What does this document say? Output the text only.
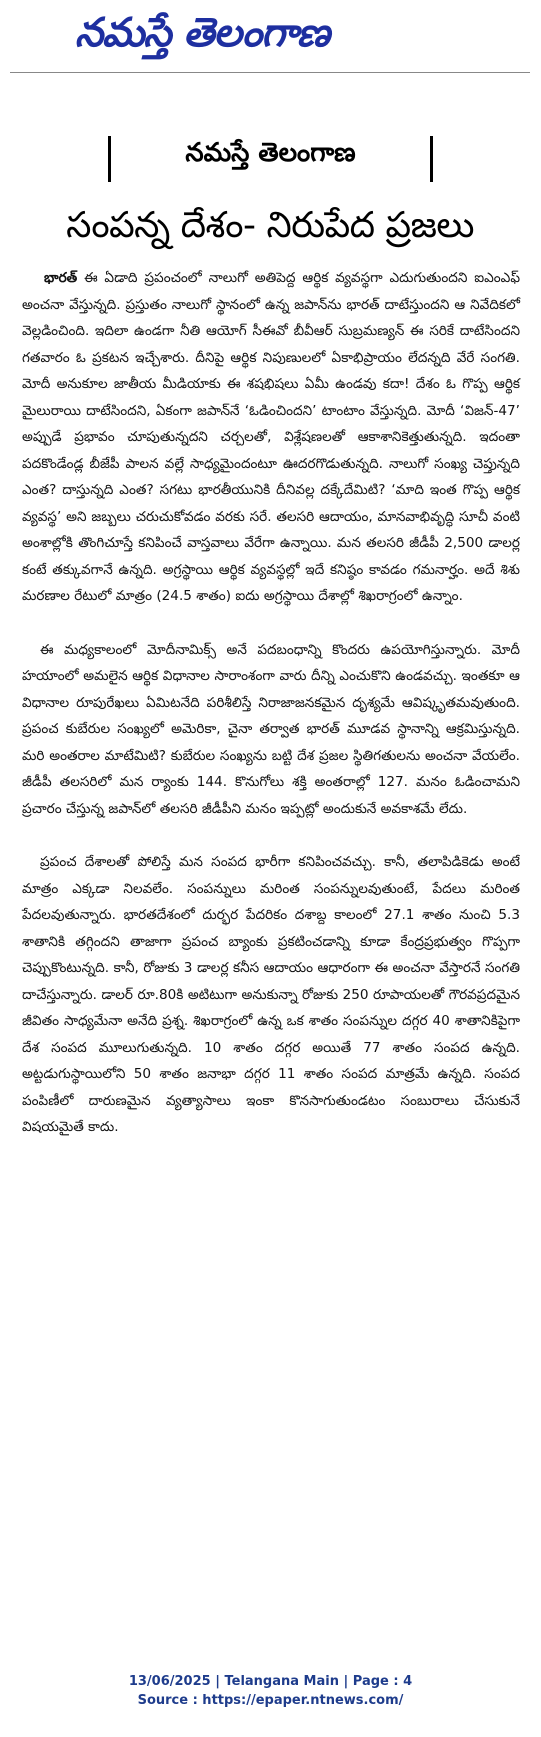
నమస్తే తెలంగాణ
నమస్తే తెలంగాణ
సంపన్న దేశం- నిరుపేద ప్రజలు

భారత్ ఈ ఏడాది ప్రపంచంలో నాలుగో అతిపెద్ద ఆర్థిక వ్యవస్థగా ఎదుగుతుందని ఐఎంఎఫ్ అంచనా వేస్తున్నది. ప్రస్తుతం నాలుగో స్థానంలో ఉన్న జపాన్‌ను భారత్ దాటేస్తుందని ఆ నివేదికలో వెల్లడించింది. ఇదిలా ఉండగా నీతి ఆయోగ్ సీఈవో బీవీఆర్ సుబ్రమణ్యన్ ఈ సరికే దాటేసిందని గతవారం ఓ ప్రకటన ఇచ్చేశారు. దీనిపై ఆర్థిక నిపుణులలో ఏకాభిప్రాయం లేదన్నది వేరే సంగతి. మోదీ అనుకూల జాతీయ మీడియాకు ఈ శషభిషలు ఏమీ ఉండవు కదా! దేశం ఓ గొప్ప ఆర్థిక మైలురాయి దాటేసిందని, ఏకంగా జపాన్‌నే ‘ఓడించిందని’ టాంటాం వేస్తున్నది. మోదీ ‘విజన్-47’ అప్పుడే ప్రభావం చూపుతున్నదని చర్చలతో, విశ్లేషణలతో ఆకాశానికెత్తుతున్నది. ఇదంతా పదకొండేండ్ల బీజేపీ పాలన వల్లే సాధ్యమైందంటూ ఊదరగొడుతున్నది. నాలుగో సంఖ్య చెప్తున్నది ఎంత? దాస్తున్నది ఎంత? సగటు భారతీయునికి దీనివల్ల దక్కేదేమిటి? ‘మాది ఇంత గొప్ప ఆర్థిక వ్యవస్థ’ అని జబ్బలు చరుచుకోవడం వరకు సరే. తలసరి ఆదాయం, మానవాభివృద్ధి సూచీ వంటి అంశాల్లోకి తొంగిచూస్తే కనిపించే వాస్తవాలు వేరేగా ఉన్నాయి. మన తలసరి జీడీపీ 2,500 డాలర్ల కంటే తక్కువగానే ఉన్నది. అగ్రస్థాయి ఆర్థిక వ్యవస్థల్లో ఇదే కనిష్ఠం కావడం గమనార్హం. అదే శిశు మరణాల రేటులో మాత్రం (24.5 శాతం) ఐదు అగ్రస్థాయి దేశాల్లో శిఖరాగ్రంలో ఉన్నాం.

ఈ మధ్యకాలంలో మోదీనామిక్స్ అనే పదబంధాన్ని కొందరు ఉపయోగిస్తున్నారు. మోదీ హయాంలో అమలైన ఆర్థిక విధానాల సారాంశంగా వారు దీన్ని ఎంచుకొని ఉండవచ్చు. ఇంతకూ ఆ విధానాల రూపురేఖలు ఏమిటనేది పరిశీలిస్తే నిరాజాజనకమైన దృశ్యమే ఆవిష్కృతమవుతుంది. ప్రపంచ కుబేరుల సంఖ్యలో అమెరికా, చైనా తర్వాత భారత్ మూడవ స్థానాన్ని ఆక్రమిస్తున్నది. మరి అంతరాల మాటేమిటి? కుబేరుల సంఖ్యను బట్టి దేశ ప్రజల స్థితిగతులను అంచనా వేయలేం. జీడీపీ తలసరిలో మన ర్యాంకు 144. కొనుగోలు శక్తి అంతరాల్లో 127. మనం ఓడించామని ప్రచారం చేస్తున్న జపాన్‌లో తలసరి జీడీపీని మనం ఇప్పట్లో అందుకునే అవకాశమే లేదు.

ప్రపంచ దేశాలతో పోలిస్తే మన సంపద భారీగా కనిపించవచ్చు. కానీ, తలాపిడికెడు అంటే మాత్రం ఎక్కడా నిలవలేం. సంపన్నులు మరింత సంపన్నులవుతుంటే, పేదలు మరింత పేదలవుతున్నారు. భారతదేశంలో దుర్భర పేదరికం దశాబ్ద కాలంలో 27.1 శాతం నుంచి 5.3 శాతానికి తగ్గిందని తాజాగా ప్రపంచ బ్యాంకు ప్రకటించడాన్ని కూడా కేంద్రప్రభుత్వం గొప్పగా చెప్పుకొంటున్నది. కానీ, రోజుకు 3 డాలర్ల కనీస ఆదాయం ఆధారంగా ఈ అంచనా వేస్తారనే సంగతి దాచేస్తున్నారు. డాలర్ రూ.80కి అటిటుగా అనుకున్నా రోజుకు 250 రూపాయలతో గౌరవప్రదమైన జీవితం సాధ్యమేనా అనేది ప్రశ్న. శిఖరాగ్రంలో ఉన్న ఒక శాతం సంపన్నుల దగ్గర 40 శాతానికిపైగా దేశ సంపద మూలుగుతున్నది. 10 శాతం దగ్గర అయితే 77 శాతం సంపద ఉన్నది. అట్టడుగుస్థాయిలోని 50 శాతం జనాభా దగ్గర 11 శాతం సంపద మాత్రమే ఉన్నది. సంపద పంపిణీలో దారుణమైన వ్యత్యాసాలు ఇంకా కొనసాగుతుండటం సంబురాలు చేసుకునే విషయమైతే కాదు.

13/06/2025 | Telangana Main | Page : 4
Source : https://epaper.ntnews.com/
